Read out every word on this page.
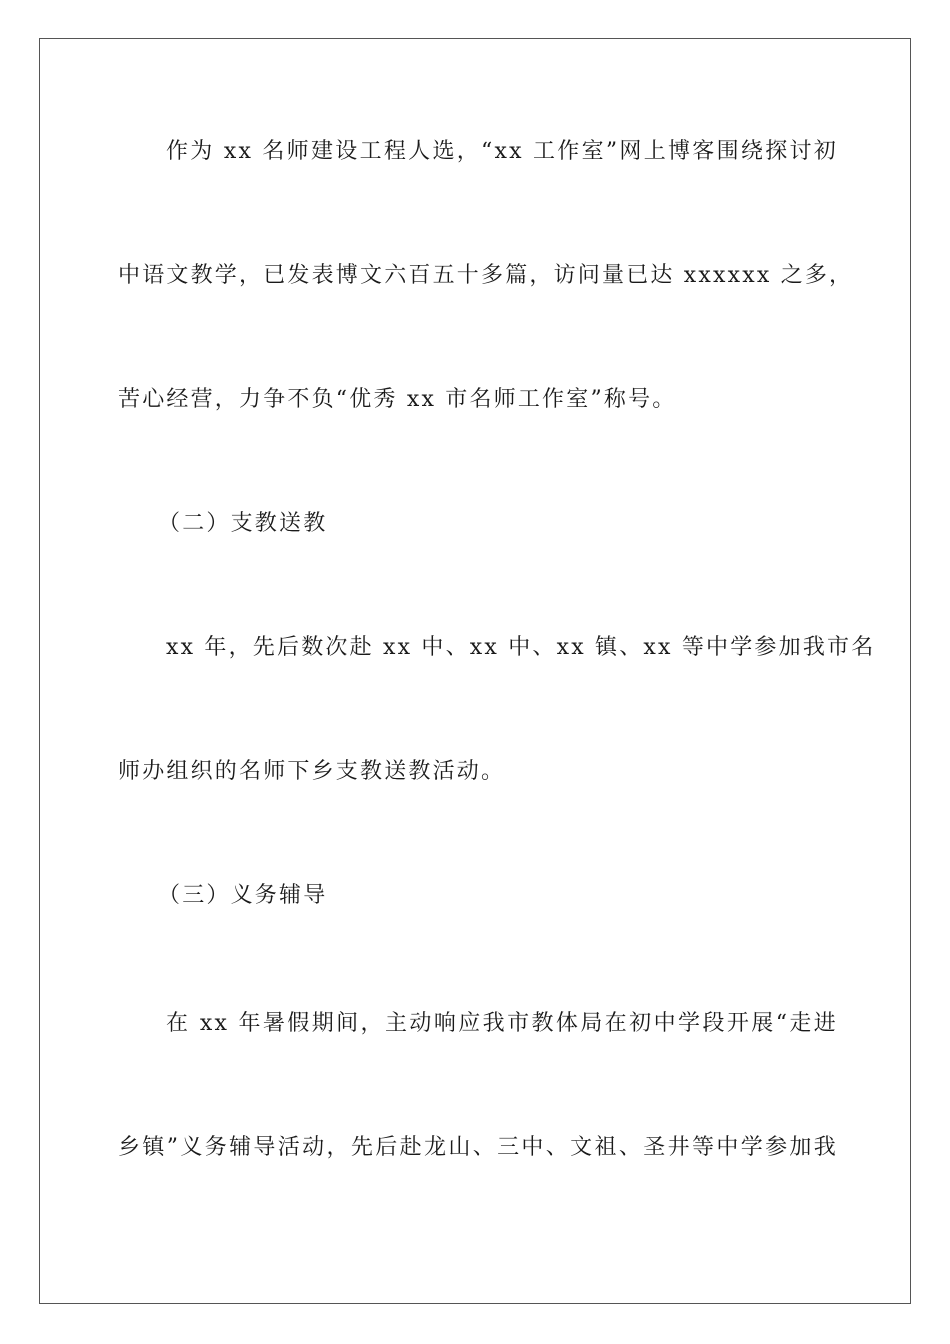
作为 xx 名师建设工程人选，“xx 工作室”网上博客围绕探讨初
中语文教学，已发表博文六百五十多篇，访问量已达 xxxxxx 之多，
苦心经营，力争不负“优秀 xx 市名师工作室”称号。
（二）支教送教
xx 年，先后数次赴 xx 中、xx 中、xx 镇、xx 等中学参加我市名
师办组织的名师下乡支教送教活动。
（三）义务辅导
在 xx 年暑假期间，主动响应我市教体局在初中学段开展“走进
乡镇”义务辅导活动，先后赴龙山、三中、文祖、圣井等中学参加我
